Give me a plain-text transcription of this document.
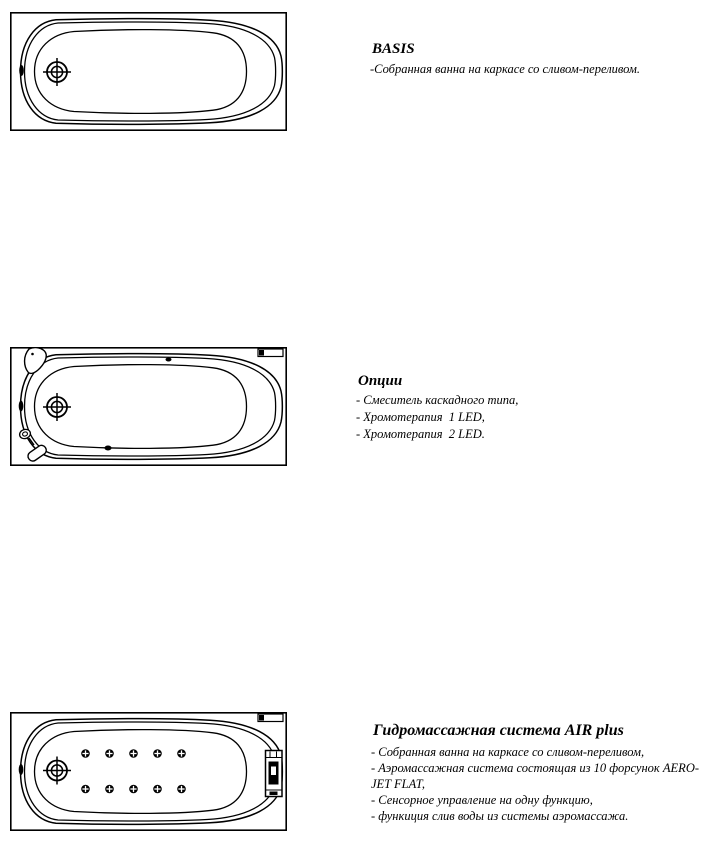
BASIS
-Собранная ванна на каркасе со сливом-переливом.
Опции
- Смеситель каскадного типа,
- Хромотерапия  1 LED,
- Хромотерапия  2 LED.
Гидромассажная система AIR plus
- Собранная ванна на каркасе со сливом-переливом,
- Аэромассажная система состоящая из 10 форсунок AERO-JET FLAT,
- Сенсорное управление на одну функцию,
- функиция слив воды из системы аэромассажа.
